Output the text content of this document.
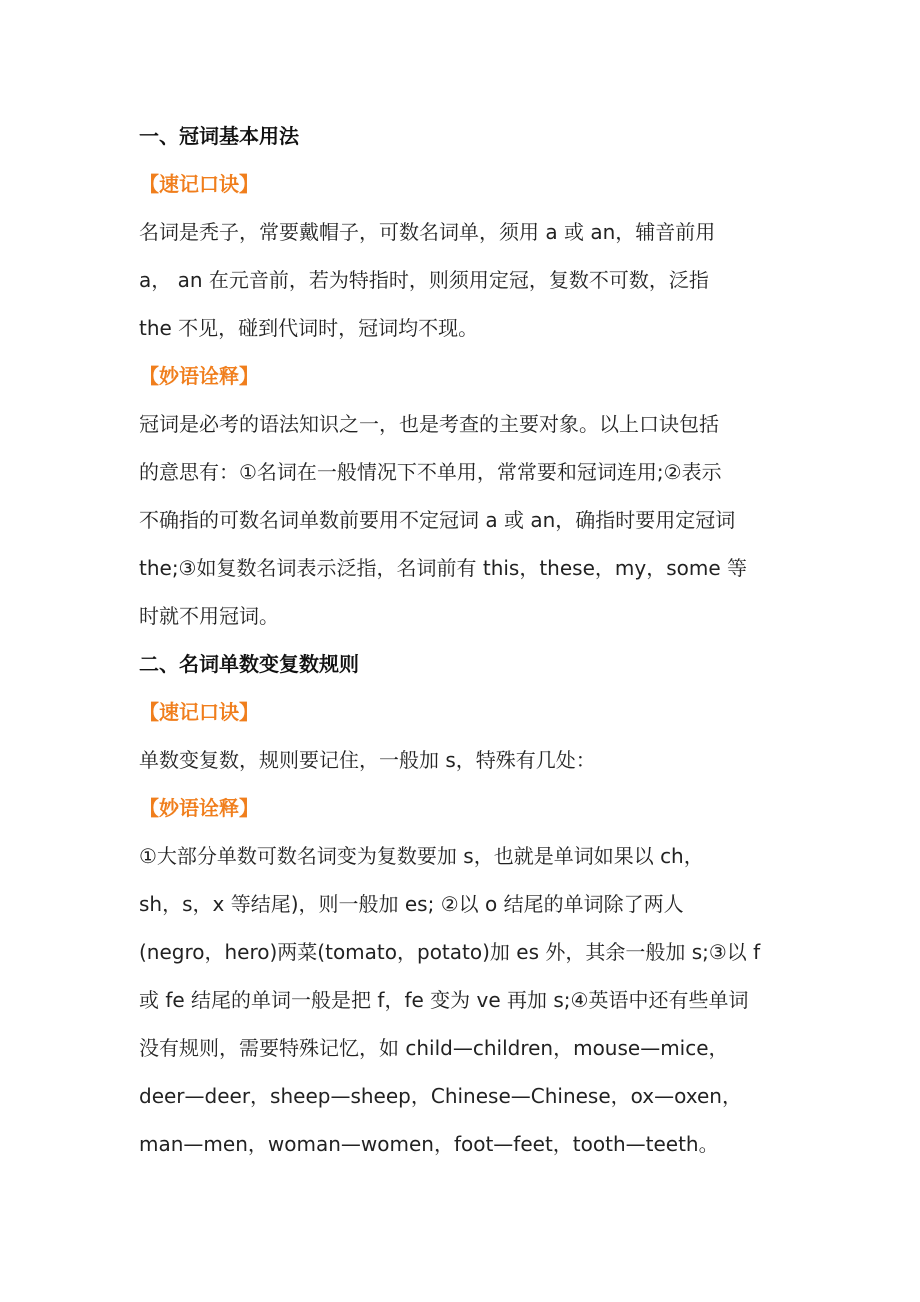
一、冠词基本用法
【速记口诀】
名词是秃子，常要戴帽子，可数名词单，须用 a 或 an，辅音前用
a， an 在元音前，若为特指时，则须用定冠，复数不可数，泛指
the 不见，碰到代词时，冠词均不现。
【妙语诠释】
冠词是必考的语法知识之一，也是考查的主要对象。以上口诀包括
的意思有：①名词在一般情况下不单用，常常要和冠词连用;②表示
不确指的可数名词单数前要用不定冠词 a 或 an，确指时要用定冠词
the;③如复数名词表示泛指，名词前有 this，these，my，some 等
时就不用冠词。
二、名词单数变复数规则
【速记口诀】
单数变复数，规则要记住，一般加 s，特殊有几处：
【妙语诠释】
①大部分单数可数名词变为复数要加 s，也就是单词如果以 ch，
sh，s，x 等结尾)，则一般加 es; ②以 o 结尾的单词除了两人
(negro，hero)两菜(tomato，potato)加 es 外，其余一般加 s;③以 f
或 fe 结尾的单词一般是把 f，fe 变为 ve 再加 s;④英语中还有些单词
没有规则，需要特殊记忆，如 child—children，mouse—mice，
deer—deer，sheep—sheep，Chinese—Chinese，ox—oxen，
man—men，woman—women，foot—feet，tooth—teeth。
